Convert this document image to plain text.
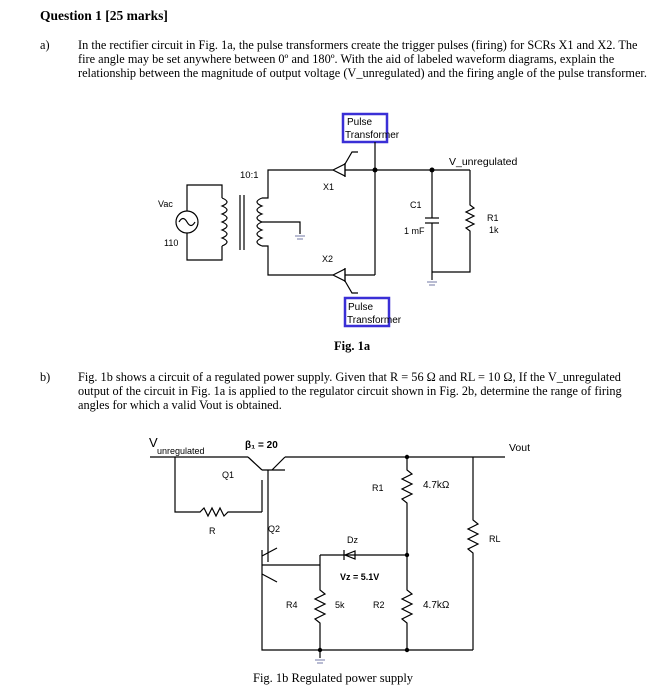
Question 1 [25 marks]
a) In the rectifier circuit in Fig. 1a, the pulse transformers create the trigger pulses (firing) for SCRs X1 and X2. The fire angle may be set anywhere between 0º and 180º. With the aid of labeled waveform diagrams, explain the relationship between the magnitude of output voltage (V_unregulated) and the firing angle of the pulse transformer.
Pulse
Transformer
V_unregulated
Vac
110
10:1
X1
X2
C1
1 mF
R1
1k
Pulse
Transformer
Fig. 1a
b) Fig. 1b shows a circuit of a regulated power supply. Given that R = 56 Ω and RL = 10 Ω, If the V_unregulated output of the circuit in Fig. 1a is applied to the regulator circuit shown in Fig. 2b, determine the range of firing angles for which a valid Vout is obtained.
V
unregulated	β₁ = 20	Vout
Q1
R	Q2
R1	4.7kΩ
Dz
V⁠z = 5.1V
R4	5k	R2	4.7kΩ
RL
Fig. 1b Regulated power supply
